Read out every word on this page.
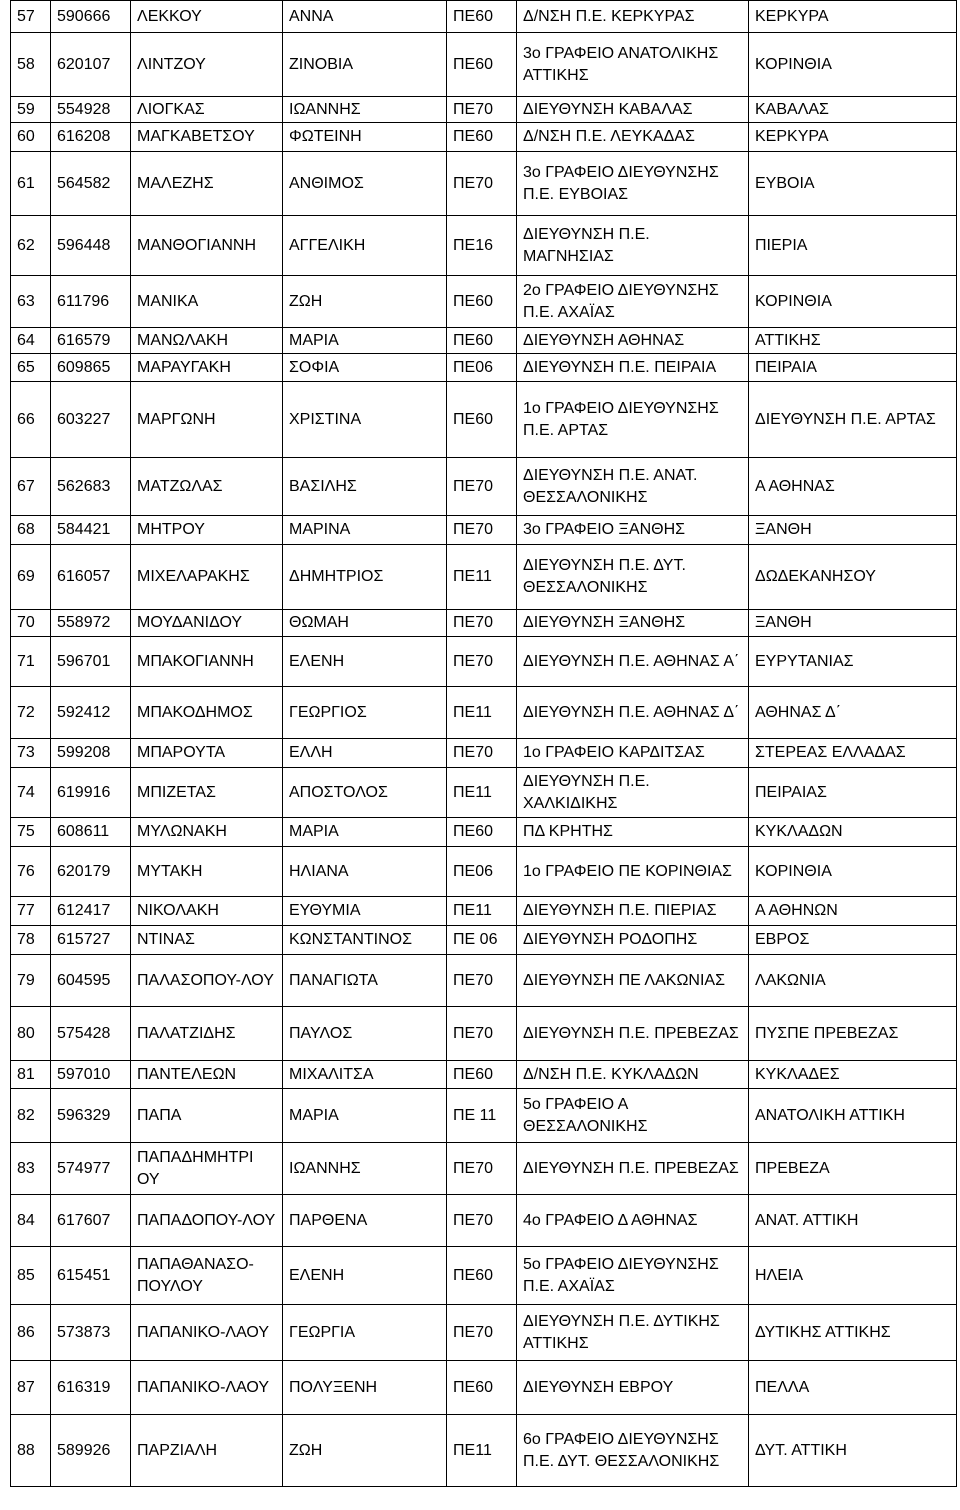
57	590666	ΛΕΚΚΟΥ	ΑΝΝΑ	ΠΕ60	Δ/ΝΣΗ Π.Ε. ΚΕΡΚΥΡΑΣ	ΚΕΡΚΥΡΑ
58	620107	ΛΙΝΤΖΟΥ	ΖΙΝΟΒΙΑ	ΠΕ60	3ο ΓΡΑΦΕΙΟ ΑΝΑΤΟΛΙΚΗΣ ΑΤΤΙΚΗΣ	ΚΟΡΙΝΘΙΑ
59	554928	ΛΙΟΓΚΑΣ	ΙΩΑΝΝΗΣ	ΠΕ70	ΔΙΕΥΘΥΝΣΗ ΚΑΒΑΛΑΣ	ΚΑΒΑΛΑΣ
60	616208	ΜΑΓΚΑΒΕΤΣΟΥ	ΦΩΤΕΙΝΗ	ΠΕ60	Δ/ΝΣΗ Π.Ε. ΛΕΥΚΑΔΑΣ	ΚΕΡΚΥΡΑ
61	564582	ΜΑΛΕΖΗΣ	ΑΝΘΙΜΟΣ	ΠΕ70	3ο ΓΡΑΦΕΙΟ ΔΙΕΥΘΥΝΣΗΣ Π.Ε. ΕΥΒΟΙΑΣ	ΕΥΒΟΙΑ
62	596448	ΜΑΝΘΟΓΙΑΝΝΗ	ΑΓΓΕΛΙΚΗ	ΠΕ16	ΔΙΕΥΘΥΝΣΗ Π.Ε. ΜΑΓΝΗΣΙΑΣ	ΠΙΕΡΙΑ
63	611796	ΜΑΝΙΚΑ	ΖΩΗ	ΠΕ60	2ο ΓΡΑΦΕΙΟ ΔΙΕΥΘΥΝΣΗΣ Π.Ε. ΑΧΑΪΑΣ	ΚΟΡΙΝΘΙΑ
64	616579	ΜΑΝΩΛΑΚΗ	ΜΑΡΙΑ	ΠΕ60	ΔΙΕΥΘΥΝΣΗ ΑΘΗΝΑΣ	ΑΤΤΙΚΗΣ
65	609865	ΜΑΡΑΥΓΑΚΗ	ΣΟΦΙΑ	ΠΕ06	ΔΙΕΥΘΥΝΣΗ Π.Ε. ΠΕΙΡΑΙΑ	ΠΕΙΡΑΙΑ
66	603227	ΜΑΡΓΩΝΗ	ΧΡΙΣΤΙΝΑ	ΠΕ60	1ο ΓΡΑΦΕΙΟ ΔΙΕΥΘΥΝΣΗΣ Π.Ε. ΑΡΤΑΣ	ΔΙΕΥΘΥΝΣΗ Π.Ε. ΑΡΤΑΣ
67	562683	ΜΑΤΖΩΛΑΣ	ΒΑΣΙΛΗΣ	ΠΕ70	ΔΙΕΥΘΥΝΣΗ Π.Ε. ΑΝΑΤ. ΘΕΣΣΑΛΟΝΙΚΗΣ	Α ΑΘΗΝΑΣ
68	584421	ΜΗΤΡΟΥ	ΜΑΡΙΝΑ	ΠΕ70	3ο ΓΡΑΦΕΙΟ ΞΑΝΘΗΣ	ΞΑΝΘΗ
69	616057	ΜΙΧΕΛΑΡΑΚΗΣ	ΔΗΜΗΤΡΙΟΣ	ΠΕ11	ΔΙΕΥΘΥΝΣΗ Π.Ε. ΔΥΤ. ΘΕΣΣΑΛΟΝΙΚΗΣ	ΔΩΔΕΚΑΝΗΣΟΥ
70	558972	ΜΟΥΔΑΝΙΔΟΥ	ΘΩΜΑΗ	ΠΕ70	ΔΙΕΥΘΥΝΣΗ ΞΑΝΘΗΣ	ΞΑΝΘΗ
71	596701	ΜΠΑΚΟΓΙΑΝΝΗ	ΕΛΕΝΗ	ΠΕ70	ΔΙΕΥΘΥΝΣΗ Π.Ε. ΑΘΗΝΑΣ Α΄	ΕΥΡΥΤΑΝΙΑΣ
72	592412	ΜΠΑΚΟΔΗΜΟΣ	ΓΕΩΡΓΙΟΣ	ΠΕ11	ΔΙΕΥΘΥΝΣΗ Π.Ε. ΑΘΗΝΑΣ Δ΄	ΑΘΗΝΑΣ Δ΄
73	599208	ΜΠΑΡΟΥΤΑ	ΕΛΛΗ	ΠΕ70	1ο ΓΡΑΦΕΙΟ ΚΑΡΔΙΤΣΑΣ	ΣΤΕΡΕΑΣ ΕΛΛΑΔΑΣ
74	619916	ΜΠΙΖΕΤΑΣ	ΑΠΟΣΤΟΛΟΣ	ΠΕ11	ΔΙΕΥΘΥΝΣΗ Π.Ε. ΧΑΛΚΙΔΙΚΗΣ	ΠΕΙΡΑΙΑΣ
75	608611	ΜΥΛΩΝΑΚΗ	ΜΑΡΙΑ	ΠΕ60	ΠΔ ΚΡΗΤΗΣ	ΚΥΚΛΑΔΩΝ
76	620179	ΜΥΤΑΚΗ	ΗΛΙΑΝΑ	ΠΕ06	1ο ΓΡΑΦΕΙΟ ΠΕ ΚΟΡΙΝΘΙΑΣ	ΚΟΡΙΝΘΙΑ
77	612417	ΝΙΚΟΛΑΚΗ	ΕΥΘΥΜΙΑ	ΠΕ11	ΔΙΕΥΘΥΝΣΗ Π.Ε. ΠΙΕΡΙΑΣ	Α ΑΘΗΝΩΝ
78	615727	ΝΤΙΝΑΣ	ΚΩΝΣΤΑΝΤΙΝΟΣ	ΠΕ 06	ΔΙΕΥΘΥΝΣΗ ΡΟΔΟΠΗΣ	ΕΒΡΟΣ
79	604595	ΠΑΛΑΣΟΠΟΥ-ΛΟΥ	ΠΑΝΑΓΙΩΤΑ	ΠΕ70	ΔΙΕΥΘΥΝΣΗ ΠΕ ΛΑΚΩΝΙΑΣ	ΛΑΚΩΝΙΑ
80	575428	ΠΑΛΑΤΖΙΔΗΣ	ΠΑΥΛΟΣ	ΠΕ70	ΔΙΕΥΘΥΝΣΗ Π.Ε. ΠΡΕΒΕΖΑΣ	ΠΥΣΠΕ ΠΡΕΒΕΖΑΣ
81	597010	ΠΑΝΤΕΛΕΩΝ	ΜΙΧΑΛΙΤΣΑ	ΠΕ60	Δ/ΝΣΗ Π.Ε. ΚΥΚΛΑΔΩΝ	ΚΥΚΛΑΔΕΣ
82	596329	ΠΑΠΑ	ΜΑΡΙΑ	ΠΕ 11	5ο ΓΡΑΦΕΙΟ Α ΘΕΣΣΑΛΟΝΙΚΗΣ	ΑΝΑΤΟΛΙΚΗ ΑΤΤΙΚΗ
83	574977	ΠΑΠΑΔΗΜΗΤΡΙ ΟΥ	ΙΩΑΝΝΗΣ	ΠΕ70	ΔΙΕΥΘΥΝΣΗ Π.Ε. ΠΡΕΒΕΖΑΣ	ΠΡΕΒΕΖΑ
84	617607	ΠΑΠΑΔΟΠΟΥ-ΛΟΥ	ΠΑΡΘΕΝΑ	ΠΕ70	4ο ΓΡΑΦΕΙΟ Δ ΑΘΗΝΑΣ	ΑΝΑΤ. ΑΤΤΙΚΗ
85	615451	ΠΑΠΑΘΑΝΑΣΟ-ΠΟΥΛΟΥ	ΕΛΕΝΗ	ΠΕ60	5ο ΓΡΑΦΕΙΟ ΔΙΕΥΘΥΝΣΗΣ Π.Ε. ΑΧΑΪΑΣ	ΗΛΕΙΑ
86	573873	ΠΑΠΑΝΙΚΟ-ΛΑΟΥ	ΓΕΩΡΓΙΑ	ΠΕ70	ΔΙΕΥΘΥΝΣΗ Π.Ε. ΔΥΤΙΚΗΣ ΑΤΤΙΚΗΣ	ΔΥΤΙΚΗΣ ΑΤΤΙΚΗΣ
87	616319	ΠΑΠΑΝΙΚΟ-ΛΑΟΥ	ΠΟΛΥΞΕΝΗ	ΠΕ60	ΔΙΕΥΘΥΝΣΗ ΕΒΡΟΥ	ΠΕΛΛΑ
88	589926	ΠΑΡΖΙΑΛΗ	ΖΩΗ	ΠΕ11	6ο ΓΡΑΦΕΙΟ ΔΙΕΥΘΥΝΣΗΣ Π.Ε. ΔΥΤ. ΘΕΣΣΑΛΟΝΙΚΗΣ	ΔΥΤ. ΑΤΤΙΚΗ
